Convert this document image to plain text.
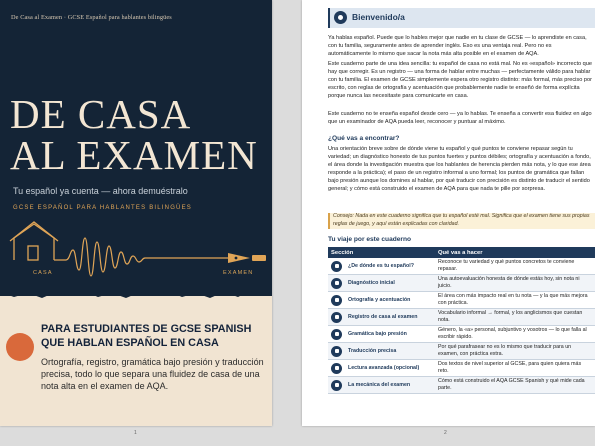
De Casa al Examen · GCSE Español para hablantes bilingües
DE CASA
AL EXAMEN
Tu español ya cuenta — ahora demuéstralo
GCSE ESPAÑOL PARA HABLANTES BILINGÜES
CASA	EXAMEN
PARA ESTUDIANTES DE GCSE SPANISH QUE HABLAN ESPAÑOL EN CASA
Ortografía, registro, gramática bajo presión y traducción precisa, todo lo que separa una fluidez de casa de una nota alta en el examen de AQA.
1
Bienvenido/a

Ya hablas español. Puede que lo hables mejor que nadie en tu clase de GCSE — lo aprendiste en casa, con tu familia, seguramente antes de aprender inglés. Eso es una ventaja real. Pero no es automáticamente lo mismo que sacar la nota más alta posible en el examen de AQA.

Este cuaderno parte de una idea sencilla: tu español de casa no está mal. No es «español» incorrecto que hay que corregir. Es un registro — una forma de hablar entre muchas — perfectamente válido para hablar con tu familia. El examen de GCSE simplemente espera otro registro distinto: más formal, más preciso por escrito, con reglas de ortografía y acentuación que probablemente nadie te enseñó de forma explícita porque nunca las necesitaste para comunicarte en casa.

Este cuaderno no te enseña español desde cero — ya lo hablas. Te enseña a convertir esa fluidez en algo que un examinador de AQA pueda leer, reconocer y puntuar al máximo.

¿Qué vas a encontrar?

Una orientación breve sobre de dónde viene tu español y qué puntos te conviene repasar según tu variedad; un diagnóstico honesto de tus puntos fuertes y puntos débiles; ortografía y acentuación a fondo, el área donde la investigación muestra que los hablantes de herencia pierden más nota, y lo que ese área responde a la práctica); el paso de un registro informal a uno formal; los puntos de gramática que fallan bajo presión aunque los domines al hablar, por qué traducir con precisión es distinto de traducir el sentido general; y cómo está construido el examen de AQA para que nada te pille por sorpresa.

Consejo: Nada en este cuaderno significa que tu español esté mal. Significa que el examen tiene sus propias reglas de juego, y aquí están explicadas con claridad.
Tu viaje por este cuaderno
Sección		Qué vas a hacer

	¿De dónde es tu español?	Reconoce tu variedad y qué puntos concretos te conviene repasar.

	Diagnóstico inicial	Una autoevaluación honesta de dónde estás hoy, sin nota ni juicio.

	Ortografía y acentuación	El área con más impacto real en tu nota — y la que más mejora con práctica.

	Registro de casa al examen	Vocabulario informal → formal, y los anglicismos que cuestan nota.

	Gramática bajo presión	Género, la «a» personal, subjuntivo y vosotros — lo que falla al escribir rápido.

	Traducción precisa	Por qué parafrasear no es lo mismo que traducir para un examen, con práctica extra.

	Lectura avanzada (opcional)	Dos textos de nivel superior al GCSE, para quien quiera más reto.

	La mecánica del examen	Cómo está construido el AQA GCSE Spanish y qué mide cada parte.
2
